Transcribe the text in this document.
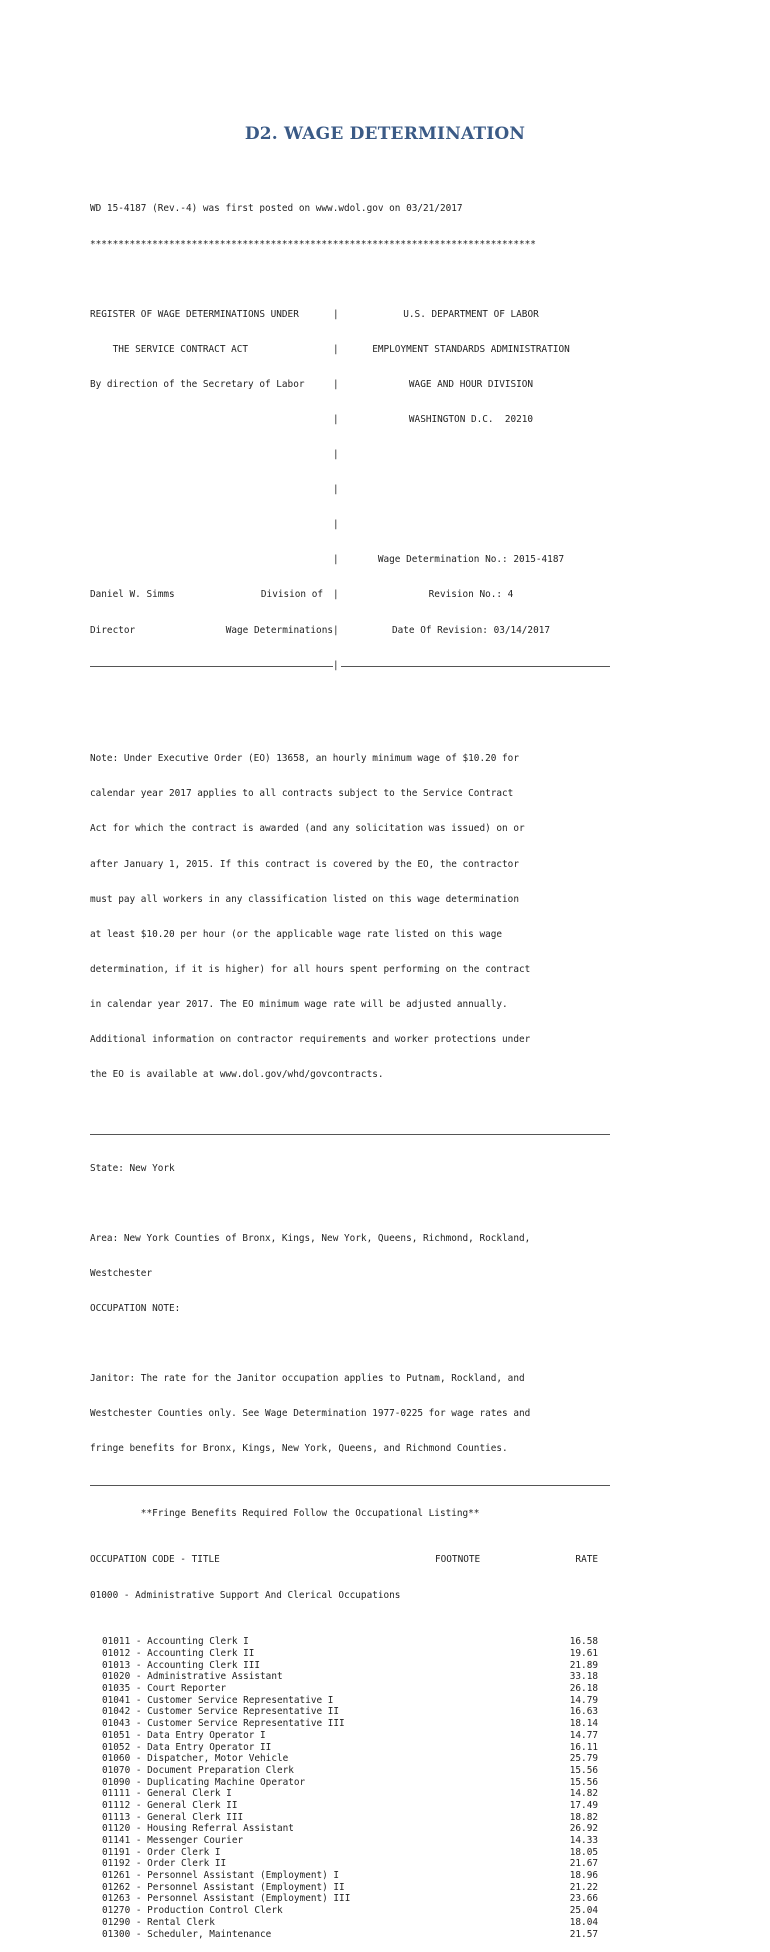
D2. WAGE DETERMINATION

WD 15-4187 (Rev.-4) was first posted on www.wdol.gov on 03/21/2017

*******************************************************************************

REGISTER OF WAGE DETERMINATIONS UNDER	|	U.S. DEPARTMENT OF LABOR

THE SERVICE CONTRACT ACT	|	EMPLOYMENT STANDARDS ADMINISTRATION

By direction of the Secretary of Labor	|	WAGE AND HOUR DIVISION

|	WASHINGTON D.C.  20210

|

|

|

|	Wage Determination No.: 2015-4187

Daniel W. Simms	Division of	|	Revision No.: 4

Director	Wage Determinations |	Date Of Revision: 03/14/2017

|

Note: Under Executive Order (EO) 13658, an hourly minimum wage of $10.20 for

calendar year 2017 applies to all contracts subject to the Service Contract

Act for which the contract is awarded (and any solicitation was issued) on or

after January 1, 2015. If this contract is covered by the EO, the contractor

must pay all workers in any classification listed on this wage determination

at least $10.20 per hour (or the applicable wage rate listed on this wage

determination, if it is higher) for all hours spent performing on the contract

in calendar year 2017. The EO minimum wage rate will be adjusted annually.

Additional information on contractor requirements and worker protections under

the EO is available at www.dol.gov/whd/govcontracts.

State: New York

Area: New York Counties of Bronx, Kings, New York, Queens, Richmond, Rockland,

Westchester

OCCUPATION NOTE:

Janitor: The rate for the Janitor occupation applies to Putnam, Rockland, and

Westchester Counties only. See Wage Determination 1977-0225 for wage rates and

fringe benefits for Bronx, Kings, New York, Queens, and Richmond Counties.

**Fringe Benefits Required Follow the Occupational Listing**

OCCUPATION CODE - TITLE	FOOTNOTE	RATE

01000 - Administrative Support And Clerical Occupations

01011 - Accounting Clerk I	16.58
01012 - Accounting Clerk II	19.61
01013 - Accounting Clerk III	21.89
01020 - Administrative Assistant	33.18
01035 - Court Reporter	26.18
01041 - Customer Service Representative I	14.79
01042 - Customer Service Representative II	16.63
01043 - Customer Service Representative III	18.14
01051 - Data Entry Operator I	14.77
01052 - Data Entry Operator II	16.11
01060 - Dispatcher, Motor Vehicle	25.79
01070 - Document Preparation Clerk	15.56
01090 - Duplicating Machine Operator	15.56
01111 - General Clerk I	14.82
01112 - General Clerk II	17.49
01113 - General Clerk III	18.82
01120 - Housing Referral Assistant	26.92
01141 - Messenger Courier	14.33
01191 - Order Clerk I	18.05
01192 - Order Clerk II	21.67
01261 - Personnel Assistant (Employment) I	18.96
01262 - Personnel Assistant (Employment) II	21.22
01263 - Personnel Assistant (Employment) III	23.66
01270 - Production Control Clerk	25.04
01290 - Rental Clerk	18.04
01300 - Scheduler, Maintenance	21.57
